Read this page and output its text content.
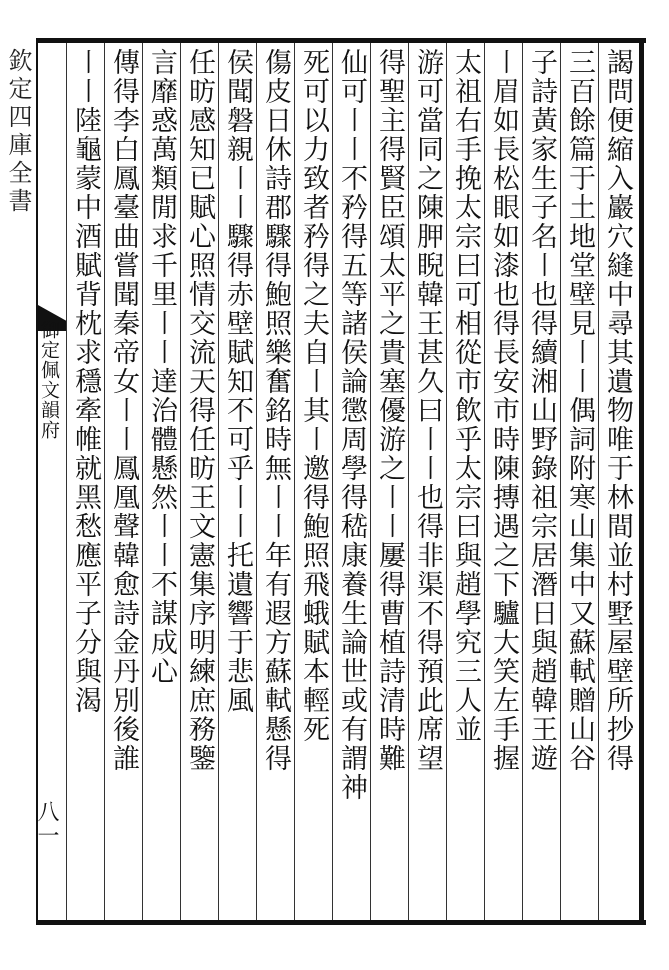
欽定四庫全書
御定佩文韻府
八一
謁問便縮入巖穴縫中尋其遺物唯于林間並村墅屋壁所抄得
三百餘篇于土地堂壁見〡〡偶詞附寒山集中又蘇軾贈山谷
子詩黃家生子名〡也得續湘山野錄祖宗居潛日與趙韓王遊
〡眉如長松眼如漆也得長安市時陳摶遇之下驢大笑左手握
太祖右手挽太宗曰可相從市飲乎太宗曰與趙學究三人並
游可當同之陳胛睨韓王甚久曰〡〡也得非渠不得預此席望
得聖主得賢臣頌太平之貴塞優游之〡〡屢得曹植詩清時難
仙可〡〡不矜得五等諸侯論懲周學得嵇康養生論世或有謂神
死可以力致者矜得之夫自〡其〡邀得鮑照飛蛾賦本輕死
傷皮日休詩郡驟得鮑照樂奮銘時無〡〡年有遐方蘇軾懸得
侯聞磐親〡〡驟得赤壁賦知不可乎〡〡托遺響于悲風
任昉感知已賦心照情交流天得任昉王文憲集序明練庶務鑒
言靡惑萬類閒求千里〡〡達治體懸然〡〡不謀成心
傳得李白鳳臺曲嘗聞秦帝女〡〡鳳凰聲韓愈詩金丹別後誰
〡〡陸龜蒙中酒賦背枕求穩牽帷就黑愁應平子分與渴
